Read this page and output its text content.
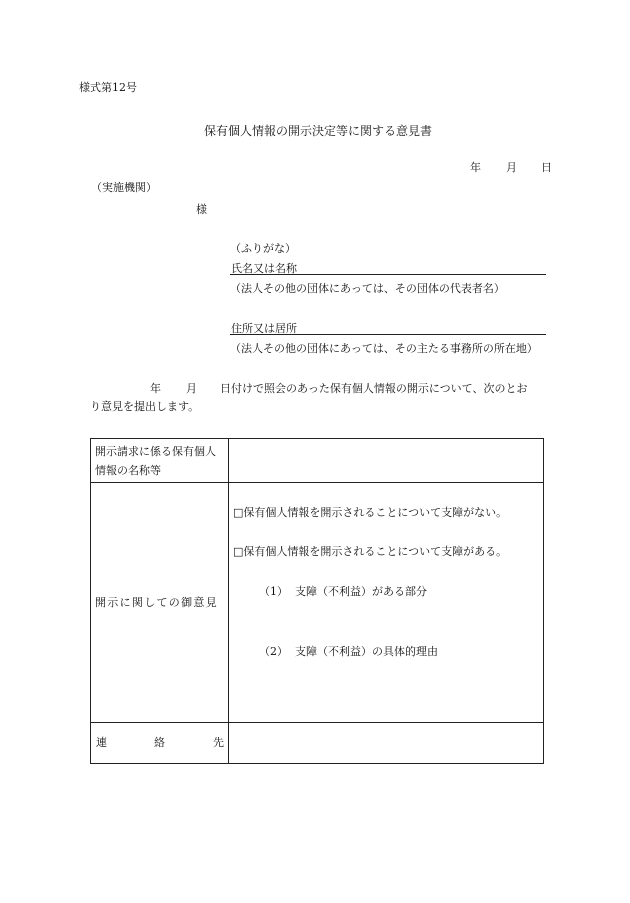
様式第12号
保有個人情報の開示決定等に関する意見書
年 月 日
（実施機関）
様
（ふりがな）
氏名又は名称
（法人その他の団体にあっては、その団体の代表者名）
住所又は居所
（法人その他の団体にあっては、その主たる事務所の所在地）
年 月 日付けで照会のあった保有個人情報の開示について、次のとお
り意見を提出します。
開示請求に係る保有個人
情報の名称等
開示に関しての御意見
□保有個人情報を開示されることについて支障がない。
□保有個人情報を開示されることについて支障がある。
（1） 支障（不利益）がある部分
（2） 支障（不利益）の具体的理由
連	絡	先
